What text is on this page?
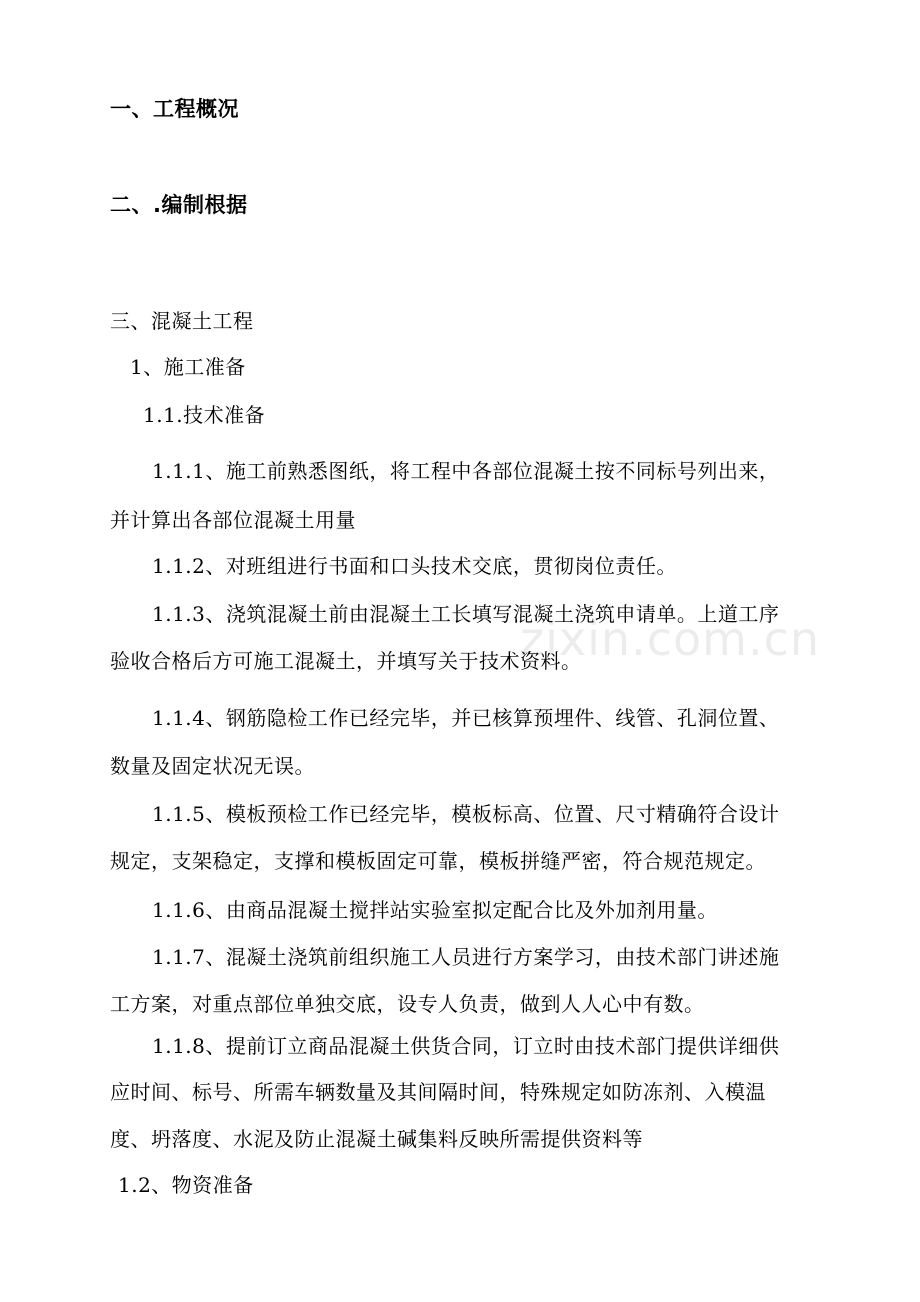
一、工程概况
二、.编制根据
三、混凝土工程
1、施工准备
1.1.技术准备
1.1.1、施工前熟悉图纸，将工程中各部位混凝土按不同标号列出来，
并计算出各部位混凝土用量
1.1.2、对班组进行书面和口头技术交底，贯彻岗位责任。
1.1.3、浇筑混凝土前由混凝土工长填写混凝土浇筑申请单。上道工序
验收合格后方可施工混凝土，并填写关于技术资料。
1.1.4、钢筋隐检工作已经完毕，并已核算预埋件、线管、孔洞位置、
数量及固定状况无误。
1.1.5、模板预检工作已经完毕，模板标高、位置、尺寸精确符合设计
规定，支架稳定，支撑和模板固定可靠，模板拼缝严密，符合规范规定。
1.1.6、由商品混凝土搅拌站实验室拟定配合比及外加剂用量。
1.1.7、混凝土浇筑前组织施工人员进行方案学习，由技术部门讲述施
工方案，对重点部位单独交底，设专人负责，做到人人心中有数。
1.1.8、提前订立商品混凝土供货合同，订立时由技术部门提供详细供
应时间、标号、所需车辆数量及其间隔时间，特殊规定如防冻剂、入模温
度、坍落度、水泥及防止混凝土碱集料反映所需提供资料等
1.2、物资准备
zixin.com.cn
